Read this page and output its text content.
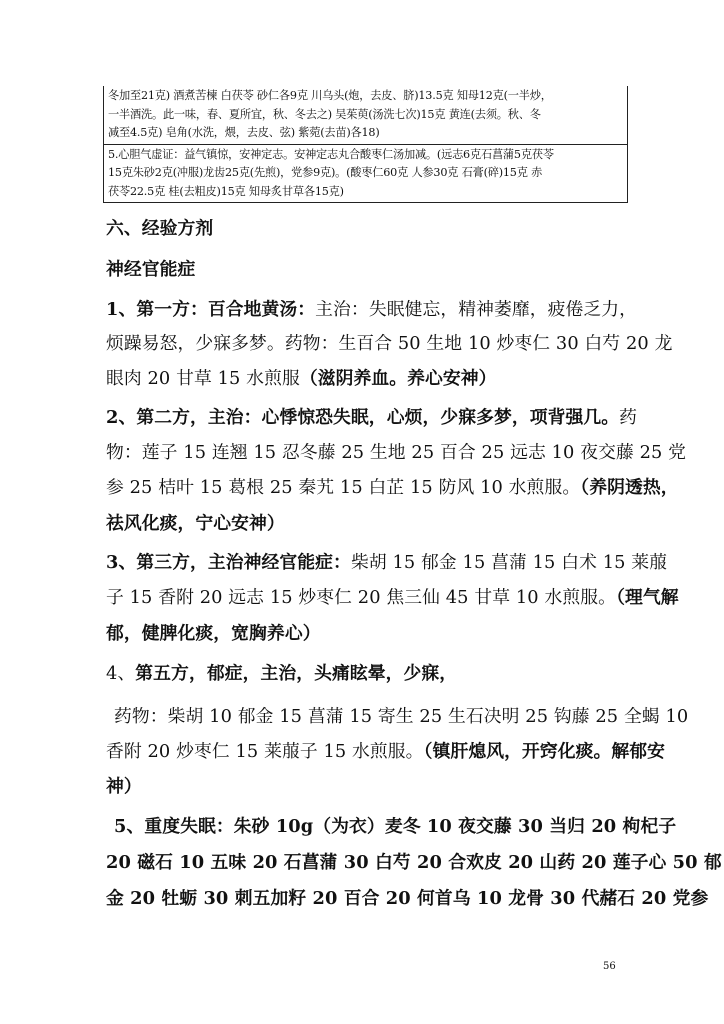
冬加至21克) 酒煮苦楝 白茯苓 砂仁各9克 川乌头(炮，去皮、脐)13.5克 知母12克(一半炒，
一半酒洗。此一味，春、夏所宜，秋、冬去之) 吴茱萸(汤洗七次)15克 黄连(去须。秋、冬
减至4.5克) 皂角(水洗，煨，去皮、弦) 紫菀(去苗)各18)
5.心胆气虚证：益气镇惊，安神定志。安神定志丸合酸枣仁汤加减。(远志6克石菖蒲5克茯苓
15克朱砂2克(冲服)龙齿25克(先煎)，党参9克)。(酸枣仁60克 人参30克 石膏(碎)15克 赤
茯苓22.5克 桂(去粗皮)15克 知母炙甘草各15克)
六、经验方剂
神经官能症
1、第一方：百合地黄汤：主治：失眠健忘，精神萎靡，疲倦乏力，
烦躁易怒，少寐多梦。药物：生百合 50 生地 10 炒枣仁 30 白芍 20 龙
眼肉 20 甘草 15 水煎服（滋阴养血。养心安神）
2、第二方，主治：心悸惊恐失眠，心烦，少寐多梦，项背强几。药
物：莲子 15 连翘 15 忍冬藤 25 生地 25 百合 25 远志 10 夜交藤 25 党
参 25 桔叶 15 葛根 25 秦艽 15 白芷 15 防风 10 水煎服。（养阴透热，
祛风化痰，宁心安神）
3、第三方，主治神经官能症：柴胡 15 郁金 15 菖蒲 15 白术 15 莱菔
子 15 香附 20 远志 15 炒枣仁 20 焦三仙 45 甘草 10 水煎服。（理气解
郁，健脾化痰，宽胸养心）
4、第五方，郁症，主治，头痛眩晕，少寐，
药物：柴胡 10 郁金 15 菖蒲 15 寄生 25 生石决明 25 钩藤 25 全蝎 10
香附 20 炒枣仁 15 莱菔子 15 水煎服。（镇肝熄风，开窍化痰。解郁安
神）
5、重度失眠：朱砂 10g（为衣）麦冬 10 夜交藤 30 当归 20 枸杞子
20 磁石 10 五味 20 石菖蒲 30 白芍 20 合欢皮 20 山药 20 莲子心 50 郁
金 20 牡蛎 30 刺五加籽 20 百合 20 何首乌 10 龙骨 30 代赭石 20 党参
56
